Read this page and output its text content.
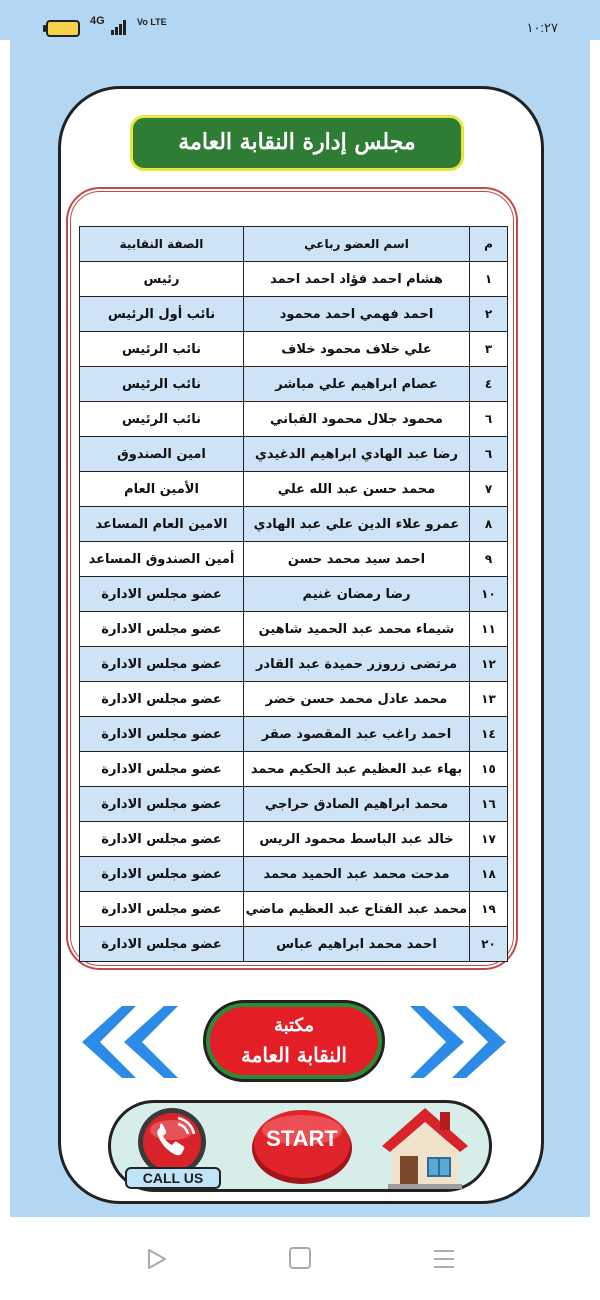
4G	Vo LTE	١٠:٢٧
مجلس إدارة النقابة العامة
م	اسم العضو رباعي	الصفة النقابية
١	هشام احمد فؤاد احمد احمد	رئيس
٢	احمد فهمي احمد محمود	نائب أول الرئيس
٣	علي خلاف محمود خلاف	نائب الرئيس
٤	عصام ابراهيم علي مباشر	نائب الرئيس
٦	محمود جلال محمود القباني	نائب الرئيس
٦	رضا عبد الهادي ابراهيم الدغيدي	امين الصندوق
٧	محمد حسن عبد الله علي	الأمين العام
٨	عمرو علاء الدين علي عبد الهادي	الامين العام المساعد
٩	احمد سيد محمد حسن	أمين الصندوق المساعد
١٠	رضا رمضان غنيم	عضو مجلس الادارة
١١	شيماء محمد عبد الحميد شاهين	عضو مجلس الادارة
١٢	مرتضى زروزر حميدة عبد القادر	عضو مجلس الادارة
١٣	محمد عادل محمد حسن خضر	عضو مجلس الادارة
١٤	احمد راغب عبد المقصود صقر	عضو مجلس الادارة
١٥	بهاء عبد العظيم عبد الحكيم محمد	عضو مجلس الادارة
١٦	محمد ابراهيم الصادق حراجي	عضو مجلس الادارة
١٧	خالد عبد الباسط محمود الريس	عضو مجلس الادارة
١٨	مدحت محمد عبد الحميد محمد	عضو مجلس الادارة
١٩	محمد عبد الفتاح عبد العظيم ماضي	عضو مجلس الادارة
٢٠	احمد محمد ابراهيم عباس	عضو مجلس الادارة
مكتبة
النقابة العامة
CALL US
START
